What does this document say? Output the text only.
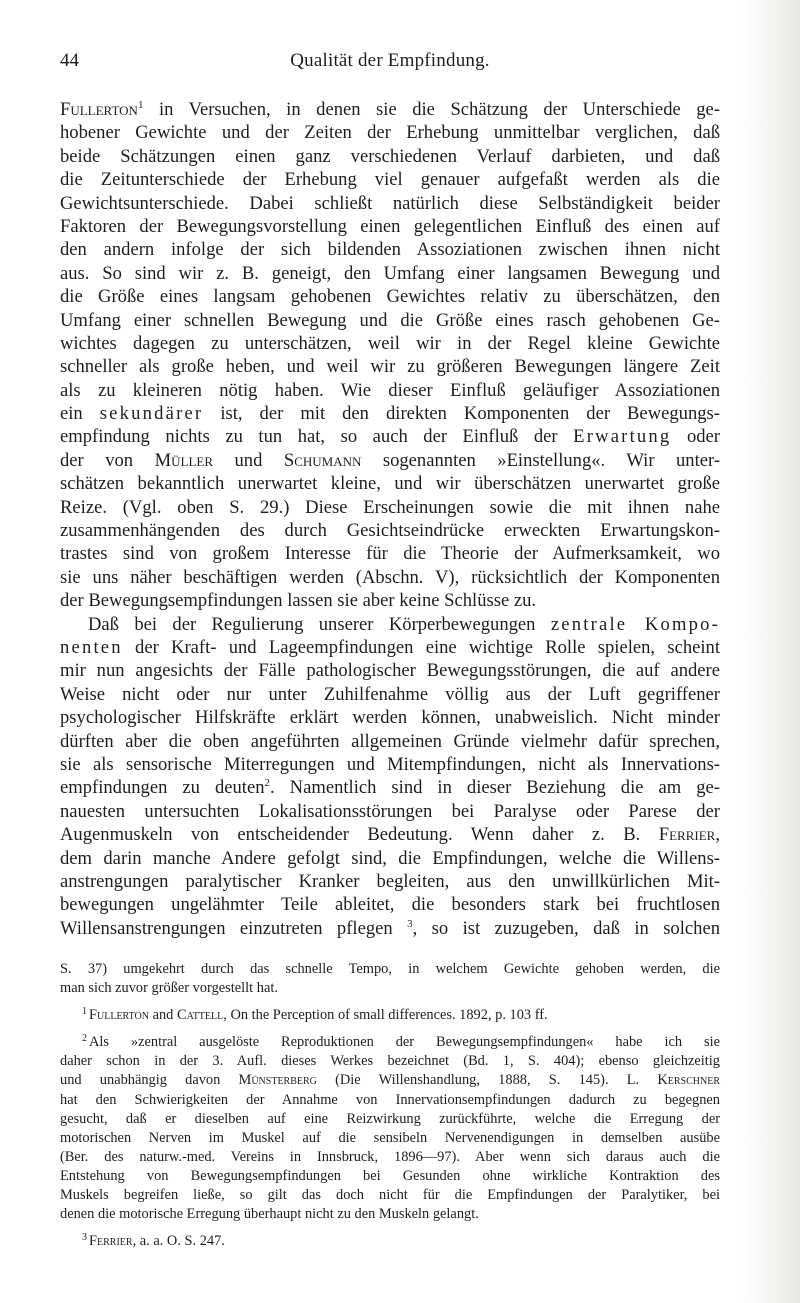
44	Qualität der Empfindung.
Fullerton$^1$ in Versuchen, in denen sie die Schätzung der Unterschiede ge-
hobener Gewichte und der Zeiten der Erhebung unmittelbar verglichen, daß
beide Schätzungen einen ganz verschiedenen Verlauf darbieten, und daß
die Zeitunterschiede der Erhebung viel genauer aufgefaßt werden als die
Gewichtsunterschiede. Dabei schließt natürlich diese Selbständigkeit beider
Faktoren der Bewegungsvorstellung einen gelegentlichen Einfluß des einen auf
den andern infolge der sich bildenden Assoziationen zwischen ihnen nicht
aus. So sind wir z. B. geneigt, den Umfang einer langsamen Bewegung und
die Größe eines langsam gehobenen Gewichtes relativ zu überschätzen, den
Umfang einer schnellen Bewegung und die Größe eines rasch gehobenen Ge-
wichtes dagegen zu unterschätzen, weil wir in der Regel kleine Gewichte
schneller als große heben, und weil wir zu größeren Bewegungen längere Zeit
als zu kleineren nötig haben. Wie dieser Einfluß geläufiger Assoziationen
ein sekundärer ist, der mit den direkten Komponenten der Bewegungs-
empfindung nichts zu tun hat, so auch der Einfluß der Erwartung oder
der von Müller und Schumann sogenannten »Einstellung«. Wir unter-
schätzen bekanntlich unerwartet kleine, und wir überschätzen unerwartet große
Reize. (Vgl. oben S. 29.) Diese Erscheinungen sowie die mit ihnen nahe
zusammenhängenden des durch Gesichtseindrücke erweckten Erwartungskon-
trastes sind von großem Interesse für die Theorie der Aufmerksamkeit, wo
sie uns näher beschäftigen werden (Abschn. V), rücksichtlich der Komponenten
der Bewegungsempfindungen lassen sie aber keine Schlüsse zu.
Daß bei der Regulierung unserer Körperbewegungen zentrale Kompo-
nenten der Kraft- und Lageempfindungen eine wichtige Rolle spielen, scheint
mir nun angesichts der Fälle pathologischer Bewegungsstörungen, die auf andere
Weise nicht oder nur unter Zuhilfenahme völlig aus der Luft gegriffener
psychologischer Hilfskräfte erklärt werden können, unabweislich. Nicht minder
dürften aber die oben angeführten allgemeinen Gründe vielmehr dafür sprechen,
sie als sensorische Miterregungen und Mitempfindungen, nicht als Innervations-
empfindungen zu deuten$^2$. Namentlich sind in dieser Beziehung die am ge-
nauesten untersuchten Lokalisationsstörungen bei Paralyse oder Parese der
Augenmuskeln von entscheidender Bedeutung. Wenn daher z. B. Ferrier,
dem darin manche Andere gefolgt sind, die Empfindungen, welche die Willens-
anstrengungen paralytischer Kranker begleiten, aus den unwillkürlichen Mit-
bewegungen ungelähmter Teile ableitet, die besonders stark bei fruchtlosen
Willensanstrengungen einzutreten pflegen $^3$, so ist zuzugeben, daß in solchen
S. 37) umgekehrt durch das schnelle Tempo, in welchem Gewichte gehoben werden, die
man sich zuvor größer vorgestellt hat.
$^1$ Fullerton and Cattell, On the Perception of small differences. 1892, p. 103 ff.
$^2$ Als »zentral ausgelöste Reproduktionen der Bewegungsempfindungen« habe ich sie
daher schon in der 3. Aufl. dieses Werkes bezeichnet (Bd. 1, S. 404); ebenso gleichzeitig
und unabhängig davon Münsterberg (Die Willenshandlung, 1888, S. 145). L. Kerschner
hat den Schwierigkeiten der Annahme von Innervationsempfindungen dadurch zu begegnen
gesucht, daß er dieselben auf eine Reizwirkung zurückführte, welche die Erregung der
motorischen Nerven im Muskel auf die sensibeln Nervenendigungen in demselben ausübe
(Ber. des naturw.-med. Vereins in Innsbruck, 1896—97). Aber wenn sich daraus auch die
Entstehung von Bewegungsempfindungen bei Gesunden ohne wirkliche Kontraktion des
Muskels begreifen ließe, so gilt das doch nicht für die Empfindungen der Paralytiker, bei
denen die motorische Erregung überhaupt nicht zu den Muskeln gelangt.
$^3$ Ferrier, a. a. O. S. 247.
